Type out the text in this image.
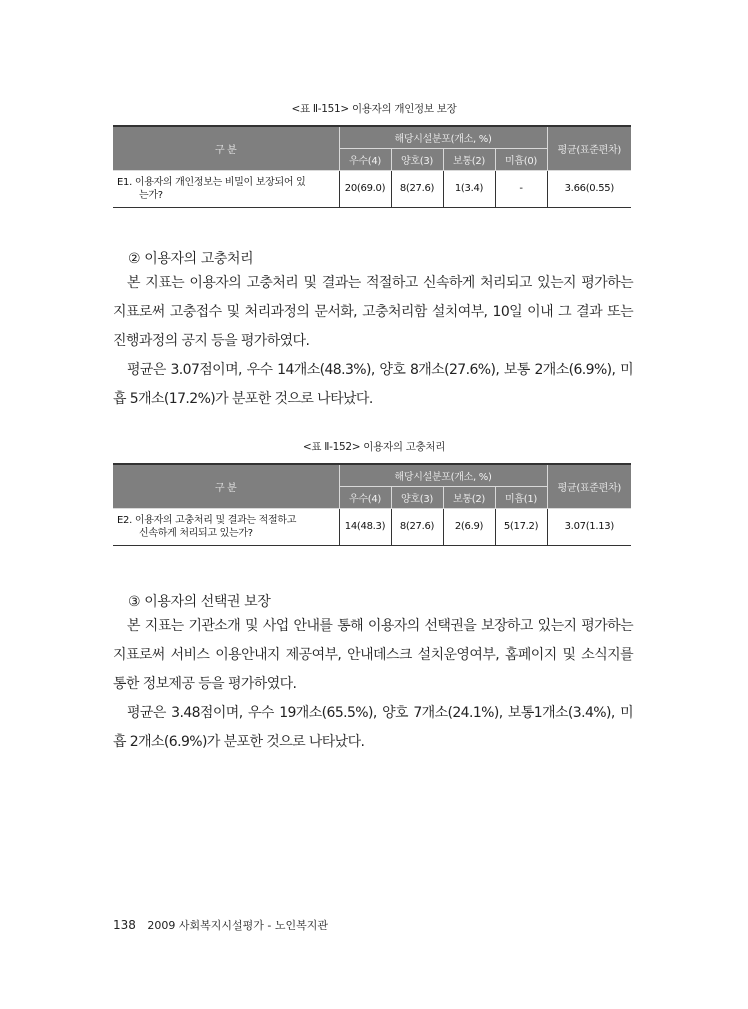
<표 Ⅱ-151> 이용자의 개인정보 보장
구 분	해당시설분포(개소, %)				평균(표준편차)
	우수(4)	양호(3)	보통(2)	미흡(0)	
E1. 이용자의 개인정보는 비밀이 보장되어 있
는가?	20(69.0)	8(27.6)	1(3.4)	-	3.66(0.55)
② 이용자의 고충처리

본 지표는 이용자의 고충처리 및 결과는 적절하고 신속하게 처리되고 있는지 평가하는 지표로써 고충접수 및 처리과정의 문서화, 고충처리함 설치여부, 10일 이내 그 결과 또는 진행과정의 공지 등을 평가하였다.

평균은 3.07점이며, 우수 14개소(48.3%), 양호 8개소(27.6%), 보통 2개소(6.9%), 미흡 5개소(17.2%)가 분포한 것으로 나타났다.

<표 Ⅱ-152> 이용자의 고충처리
구 분	해당시설분포(개소, %)				평균(표준편차)
	우수(4)	양호(3)	보통(2)	미흡(1)	
E2. 이용자의 고충처리 및 결과는 적절하고
신속하게 처리되고 있는가?	14(48.3)	8(27.6)	2(6.9)	5(17.2)	3.07(1.13)
③ 이용자의 선택권 보장

본 지표는 기관소개 및 사업 안내를 통해 이용자의 선택권을 보장하고 있는지 평가하는 지표로써 서비스 이용안내지 제공여부, 안내데스크 설치운영여부, 홈페이지 및 소식지를 통한 정보제공 등을 평가하였다.

평균은 3.48점이며, 우수 19개소(65.5%), 양호 7개소(24.1%), 보통1개소(3.4%), 미흡 2개소(6.9%)가 분포한 것으로 나타났다.

138 2009 사회복지시설평가 - 노인복지관
